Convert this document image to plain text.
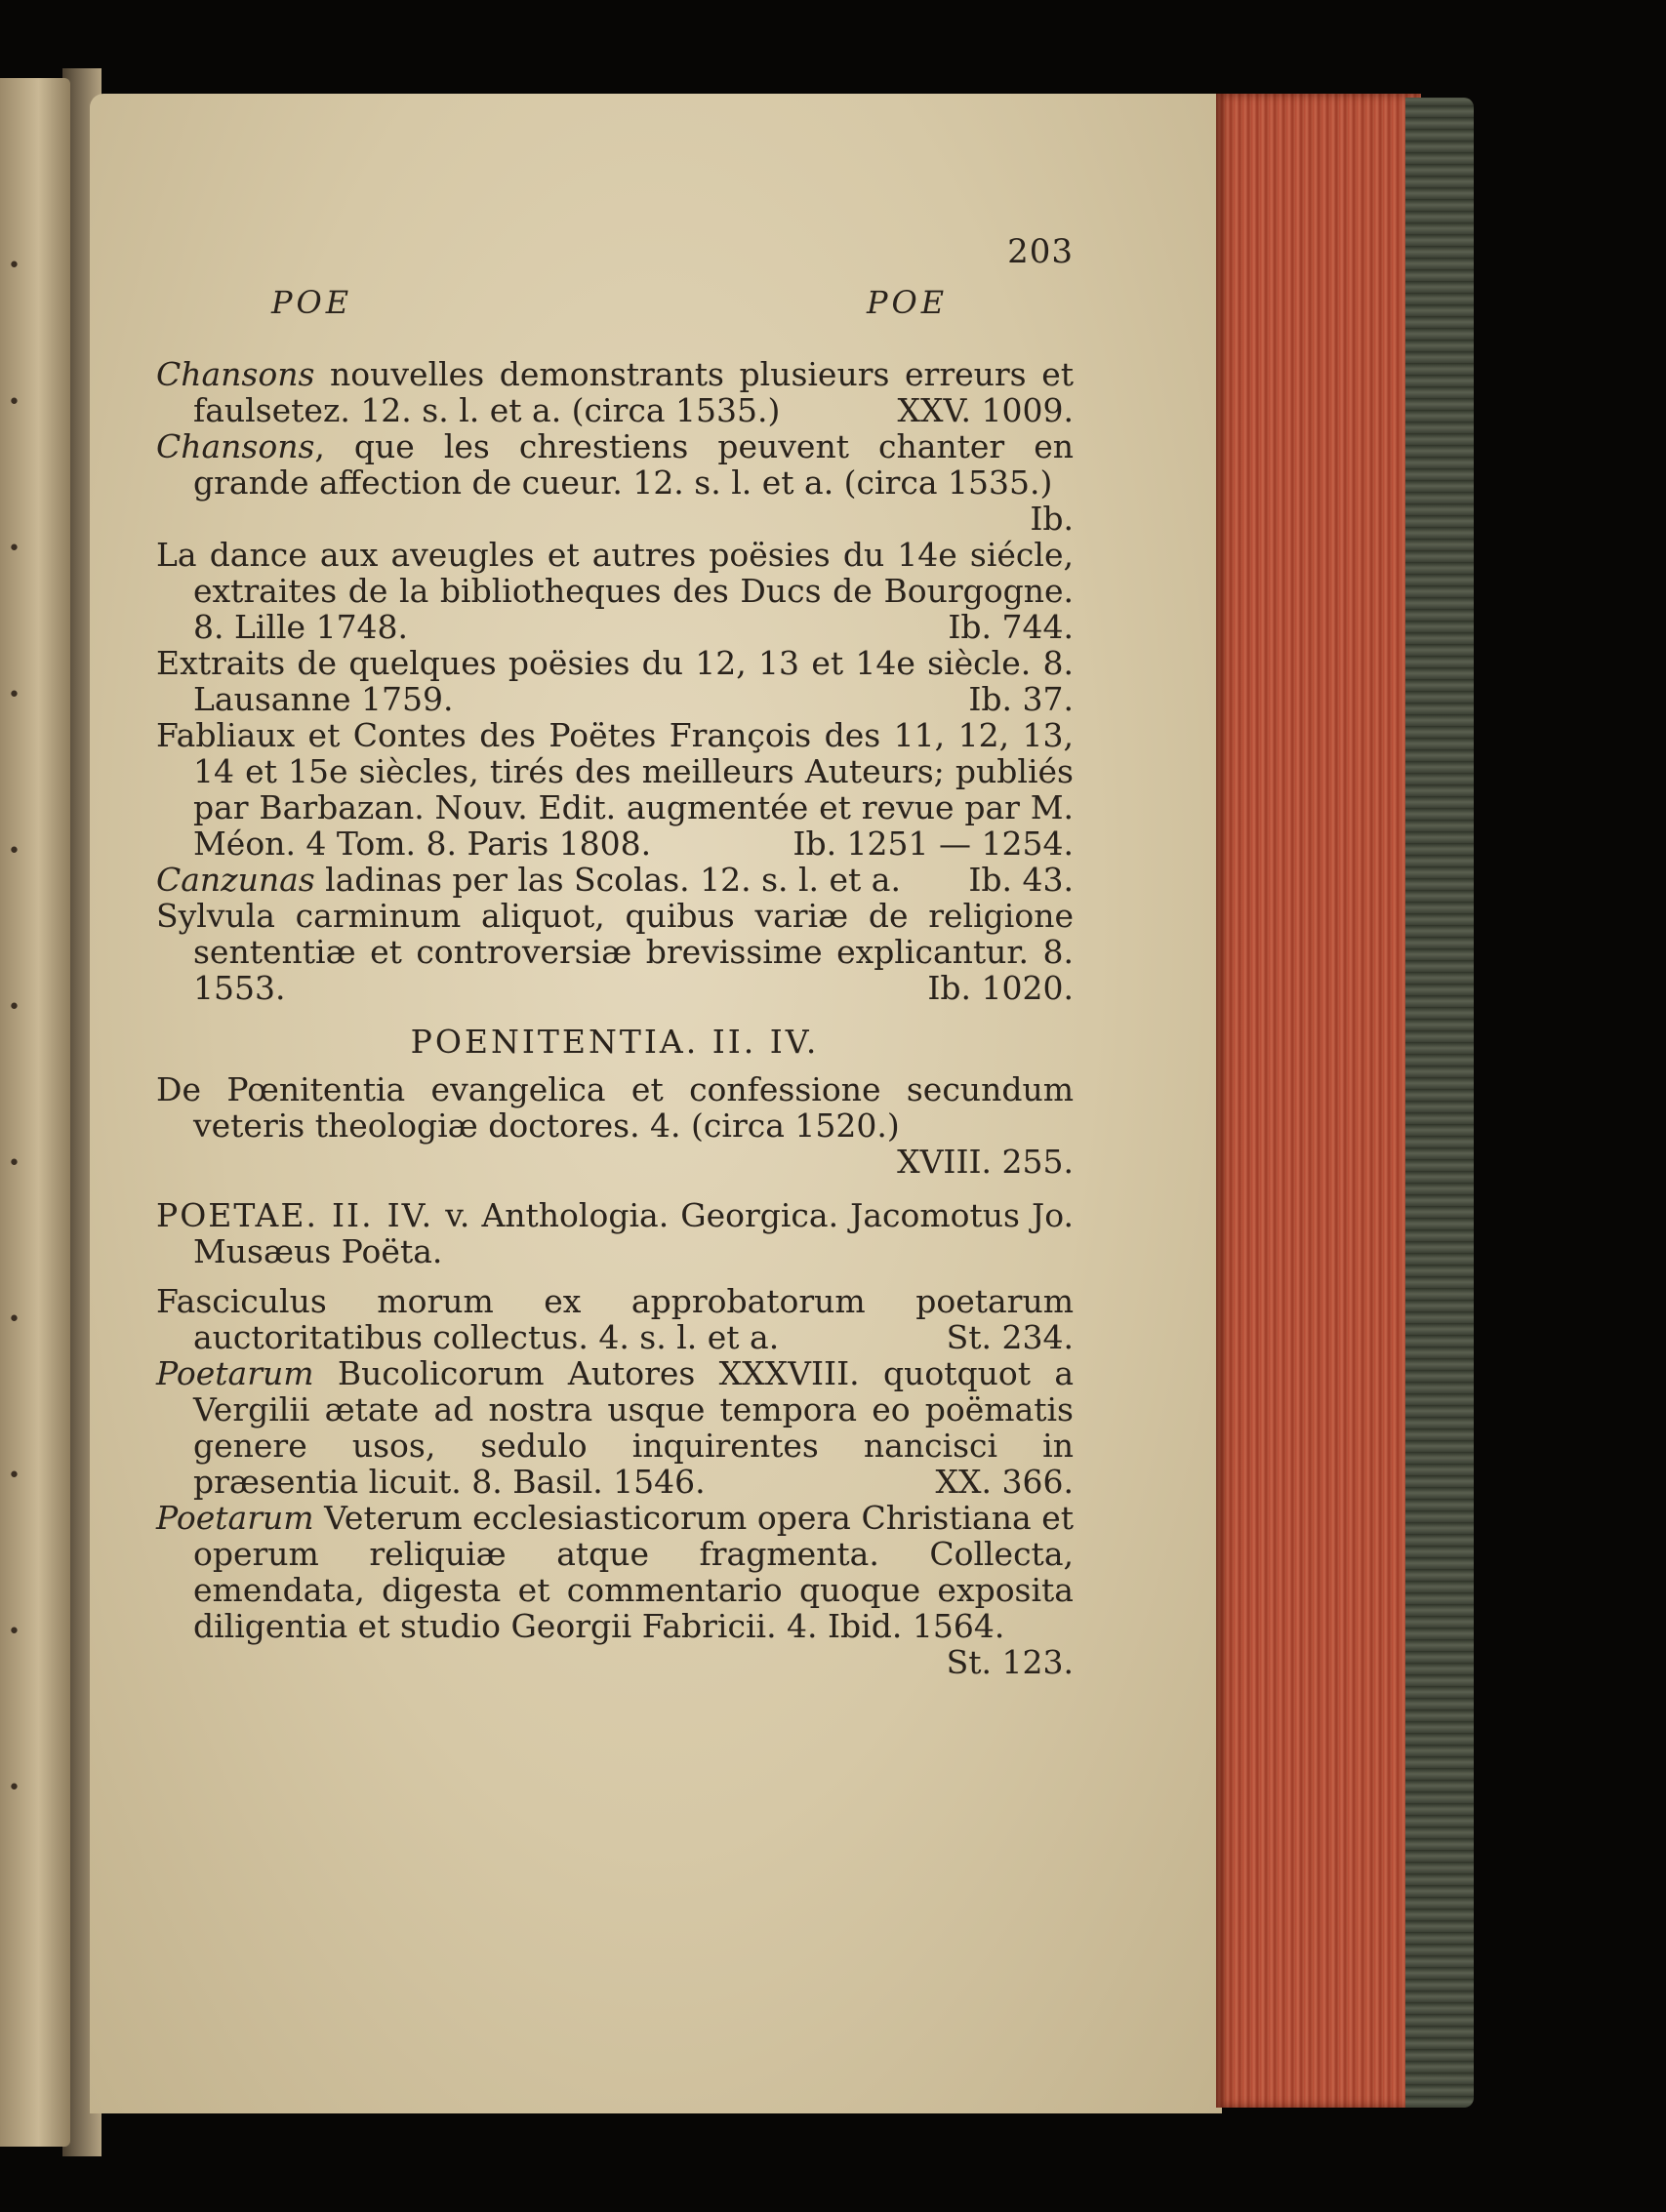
•
•
•
•
•
•
•
•
•
•
•
203
POE	POE

Chansons nouvelles demonstrants plusieurs erreurs et faulsetez. 12. s. l. et a. (circa 1535.)	XXV. 1009.

Chansons, que les chrestiens peuvent chanter en grande affection de cueur. 12. s. l. et a. (circa 1535.)
Ib.

La dance aux aveugles et autres poësies du 14e siécle, extraites de la bibliotheques des Ducs de Bourgogne. 8. Lille 1748.	Ib. 744.

Extraits de quelques poësies du 12, 13 et 14e siècle. 8. Lausanne 1759.	Ib. 37.

Fabliaux et Contes des Poëtes François des 11, 12, 13, 14 et 15e siècles, tirés des meilleurs Auteurs; publiés par Barbazan. Nouv. Edit. augmentée et revue par M. Méon. 4 Tom. 8. Paris 1808.	Ib. 1251 — 1254.

Canzunas ladinas per las Scolas. 12. s. l. et a. Ib. 43.

Sylvula carminum aliquot, quibus variæ de religione sententiæ et controversiæ brevissime explicantur. 8. 1553.	Ib. 1020.

POENITENTIA. II. IV.

De Pœnitentia evangelica et confessione secundum veteris theologiæ doctores. 4. (circa 1520.)
XVIII. 255.

POETAE. II. IV. v. Anthologia. Georgica. Jacomotus Jo. Musæus Poëta.

Fasciculus morum ex approbatorum poetarum auctoritatibus collectus. 4. s. l. et a.	St. 234.

Poetarum Bucolicorum Autores XXXVIII. quotquot a Vergilii ætate ad nostra usque tempora eo poëmatis genere usos, sedulo inquirentes nancisci in præsentia licuit. 8. Basil. 1546.	XX. 366.

Poetarum Veterum ecclesiasticorum opera Christiana et operum reliquiæ atque fragmenta. Collecta, emendata, digesta et commentario quoque exposita diligentia et studio Georgii Fabricii. 4. Ibid. 1564.
St. 123.
